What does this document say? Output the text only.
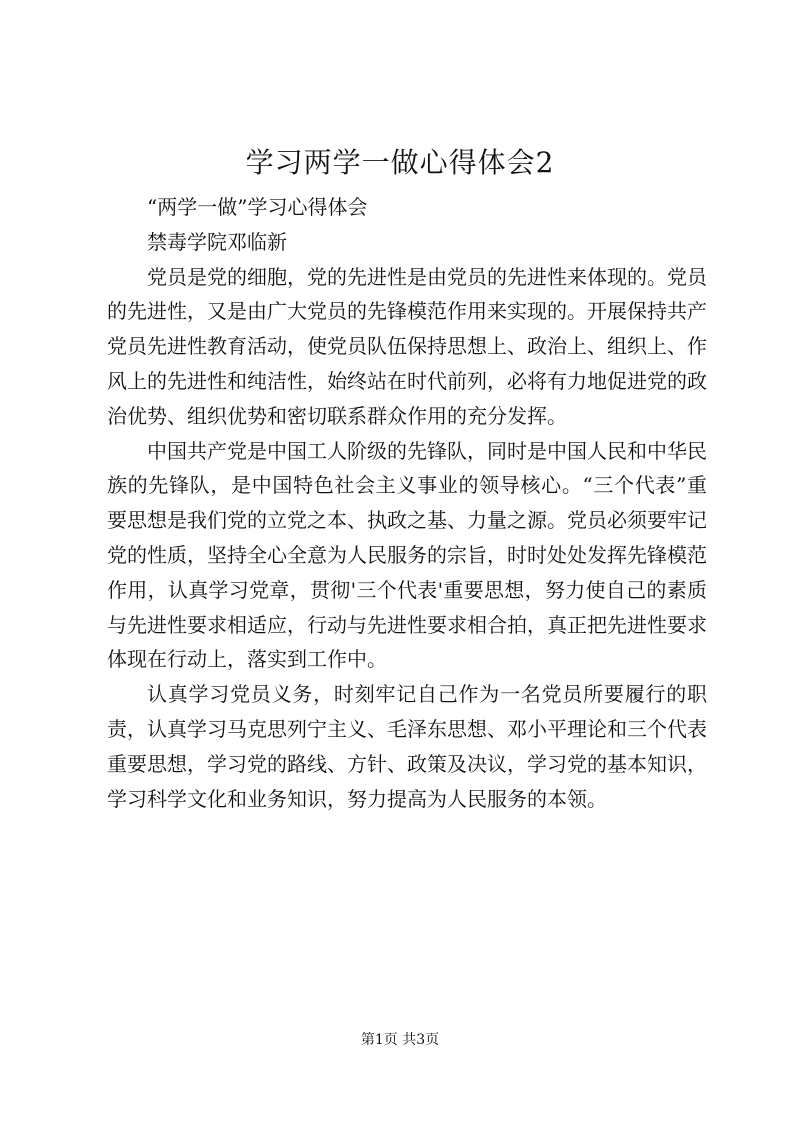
学习两学一做心得体会2

“两学一做”学习心得体会

禁毒学院邓临新

党员是党的细胞，党的先进性是由党员的先进性来体现的。党员的先进性，又是由广大党员的先锋模范作用来实现的。开展保持共产党员先进性教育活动，使党员队伍保持思想上、政治上、组织上、作风上的先进性和纯洁性，始终站在时代前列，必将有力地促进党的政治优势、组织优势和密切联系群众作用的充分发挥。

中国共产党是中国工人阶级的先锋队，同时是中国人民和中华民族的先锋队，是中国特色社会主义事业的领导核心。“三个代表”重要思想是我们党的立党之本、执政之基、力量之源。党员必须要牢记党的性质，坚持全心全意为人民服务的宗旨，时时处处发挥先锋模范作用，认真学习党章，贯彻'三个代表'重要思想，努力使自己的素质与先进性要求相适应，行动与先进性要求相合拍，真正把先进性要求体现在行动上，落实到工作中。

认真学习党员义务，时刻牢记自己作为一名党员所要履行的职责，认真学习马克思列宁主义、毛泽东思想、邓小平理论和三个代表重要思想，学习党的路线、方针、政策及决议，学习党的基本知识，学习科学文化和业务知识，努力提高为人民服务的本领。

第1页 共3页
